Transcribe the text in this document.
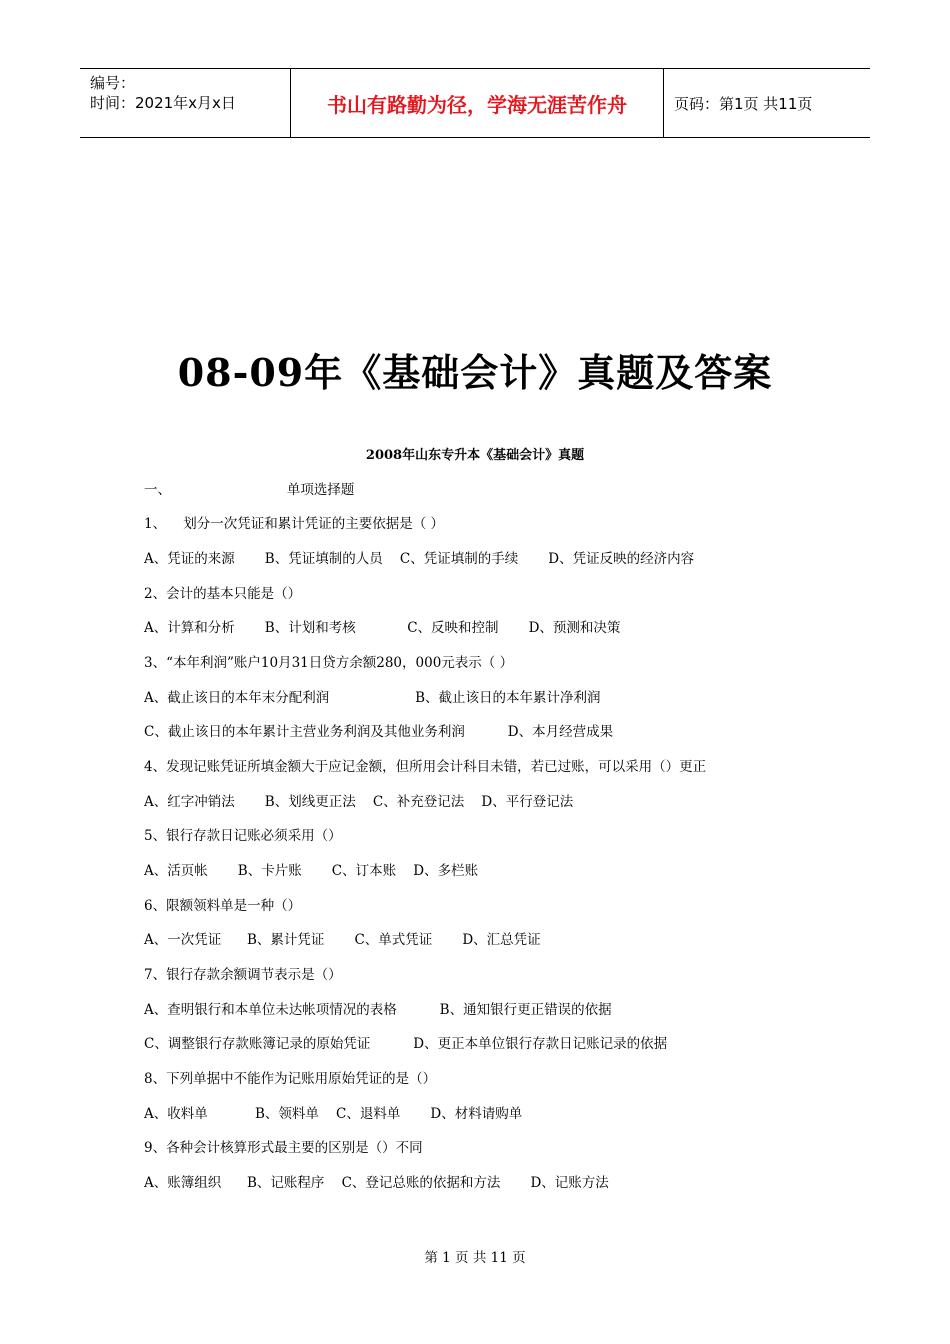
编号：
时间：2021年x月x日	书山有路勤为径，学海无涯苦作舟	页码：第1页 共11页
08-09年《基础会计》真题及答案
2008年山东专升本《基础会计》真题
一、                           单项选择题
1、    划分一次凭证和累计凭证的主要依据是（ ）
A、凭证的来源       B、凭证填制的人员    C、凭证填制的手续       D、凭证反映的经济内容
2、会计的基本只能是（）
A、计算和分析       B、计划和考核            C、反映和控制       D、预测和决策
3、“本年利润”账户10月31日贷方余额280，000元表示（ ）
A、截止该日的本年末分配利润                    B、截止该日的本年累计净利润
C、截止该日的本年累计主营业务利润及其他业务利润          D、本月经营成果
4、发现记账凭证所填金额大于应记金额，但所用会计科目未错，若已过账，可以采用（）更正
A、红字冲销法       B、划线更正法    C、补充登记法    D、平行登记法
5、银行存款日记账必须采用（）
A、活页帐       B、卡片账       C、订本账    D、多栏账
6、限额领料单是一种（）
A、一次凭证      B、累计凭证       C、单式凭证       D、汇总凭证
7、银行存款余额调节表示是（）
A、查明银行和本单位未达帐项情况的表格          B、通知银行更正错误的依据
C、调整银行存款账簿记录的原始凭证          D、更正本单位银行存款日记账记录的依据
8、下列单据中不能作为记账用原始凭证的是（）
A、收料单           B、领料单    C、退料单       D、材料请购单
9、各种会计核算形式最主要的区别是（）不同
A、账簿组织      B、记账程序    C、登记总账的依据和方法       D、记账方法
第 1 页 共 11 页
